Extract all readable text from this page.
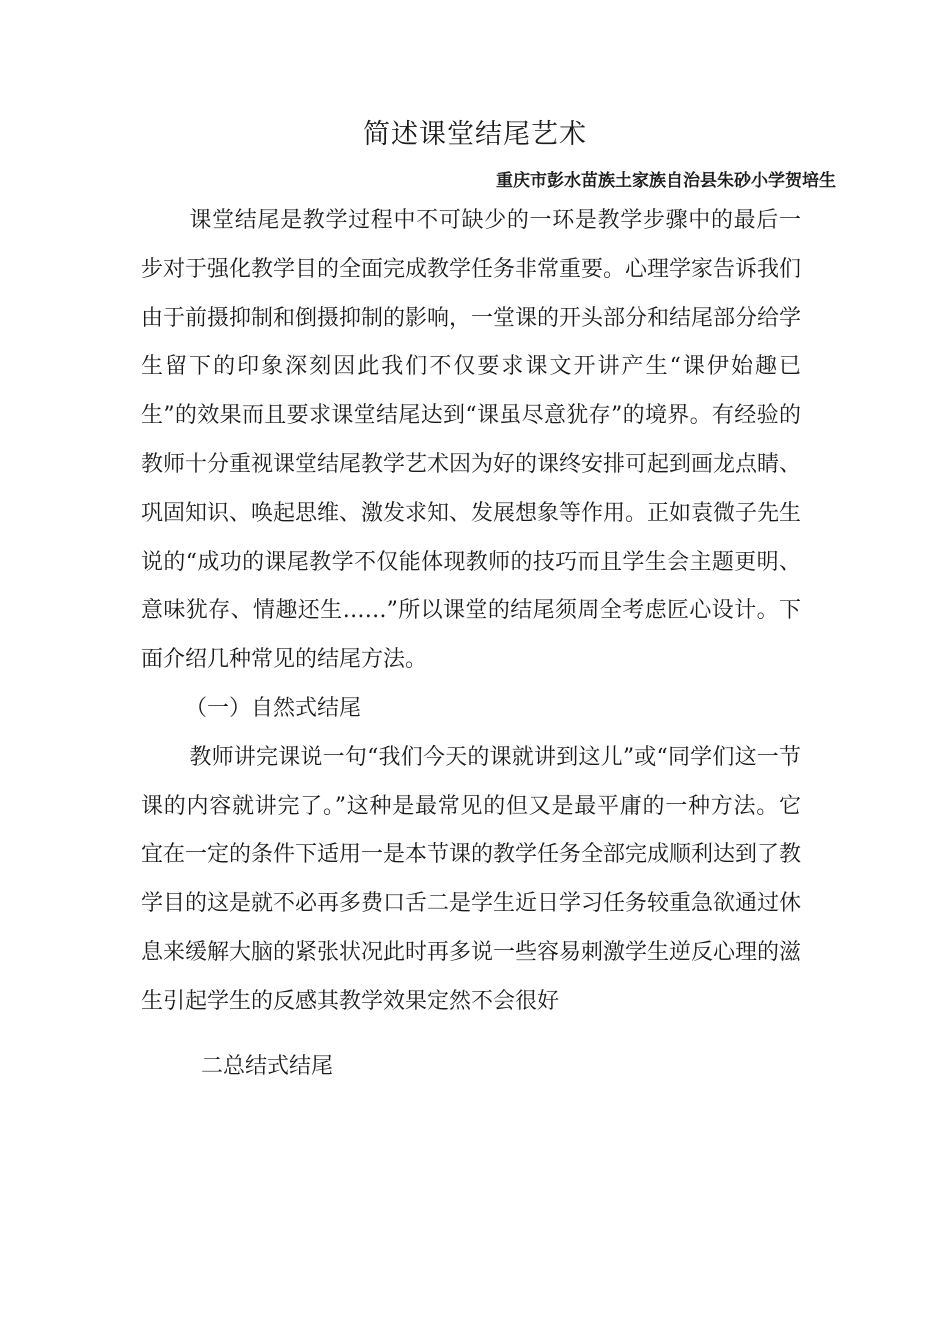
简述课堂结尾艺术

重庆市彭水苗族土家族自治县朱砂小学贺培生

课堂结尾是教学过程中不可缺少的一环是教学步骤中的最后一步对于强化教学目的全面完成教学任务非常重要。心理学家告诉我们由于前摄抑制和倒摄抑制的影响，一堂课的开头部分和结尾部分给学生留下的印象深刻因此我们不仅要求课文开讲产生“课伊始趣已生”的效果而且要求课堂结尾达到“课虽尽意犹存”的境界。有经验的教师十分重视课堂结尾教学艺术因为好的课终安排可起到画龙点睛、巩固知识、唤起思维、激发求知、发展想象等作用。正如袁微子先生说的“成功的课尾教学不仅能体现教师的技巧而且学生会主题更明、意味犹存、情趣还生……”所以课堂的结尾须周全考虑匠心设计。下面介绍几种常见的结尾方法。

（一）自然式结尾

教师讲完课说一句“我们今天的课就讲到这儿”或“同学们这一节课的内容就讲完了。”这种是最常见的但又是最平庸的一种方法。它宜在一定的条件下适用一是本节课的教学任务全部完成顺利达到了教学目的这是就不必再多费口舌二是学生近日学习任务较重急欲通过休息来缓解大脑的紧张状况此时再多说一些容易刺激学生逆反心理的滋生引起学生的反感其教学效果定然不会很好

二总结式结尾
